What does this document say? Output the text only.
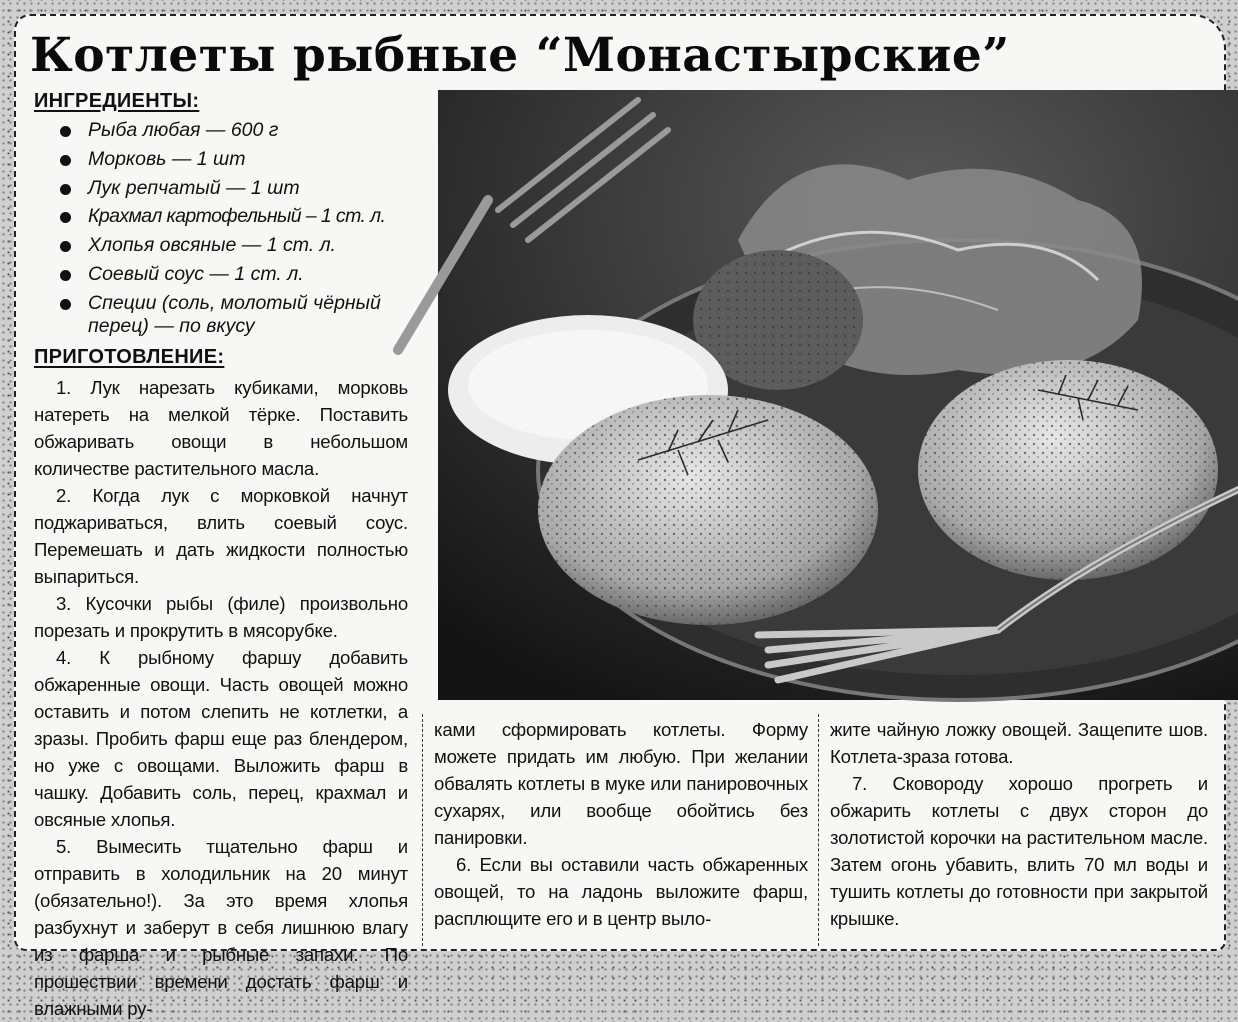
Котлеты рыбные “Монастырские”
ИНГРЕДИЕНТЫ:
Рыба любая — 600 г
Морковь — 1 шт
Лук репчатый — 1 шт
Крахмал картофельный – 1 ст. л.
Хлопья овсяные — 1 ст. л.
Соевый соус — 1 ст. л.
Специи (соль, молотый чёрный перец) — по вкусу
ПРИГОТОВЛЕНИЕ:

1. Лук нарезать кубиками, морковь натереть на мелкой тёрке. Поставить обжаривать овощи в небольшом количестве растительного масла.

2. Когда лук с морковкой начнут поджариваться, влить соевый соус. Перемешать и дать жидкости полностью выпариться.

3. Кусочки рыбы (филе) произвольно порезать и прокрутить в мясорубке.

4. К рыбному фаршу добавить обжаренные овощи. Часть овощей можно оставить и потом слепить не котлетки, а зразы. Пробить фарш еще раз блендером, но уже с овощами. Выложить фарш в чашку. Добавить соль, перец, крахмал и овсяные хлопья.

5. Вымесить тщательно фарш и отправить в холодильник на 20 минут (обязательно!). За это время хлопья разбухнут и заберут в себя лишнюю влагу из фарша и рыбные запахи. По прошествии времени достать фарш и влажными ру-

ками сформировать котлеты. Форму можете придать им любую. При желании обвалять котлеты в муке или панировочных сухарях, или вообще обойтись без панировки.

6. Если вы оставили часть обжаренных овощей, то на ладонь выложите фарш, расплющите его и в центр выло-

жите чайную ложку овощей. Защепите шов. Котлета-зраза готова.

7. Сковороду хорошо прогреть и обжарить котлеты с двух сторон до золотистой корочки на растительном масле. Затем огонь убавить, влить 70 мл воды и тушить котлеты до готовности при закрытой крышке.
